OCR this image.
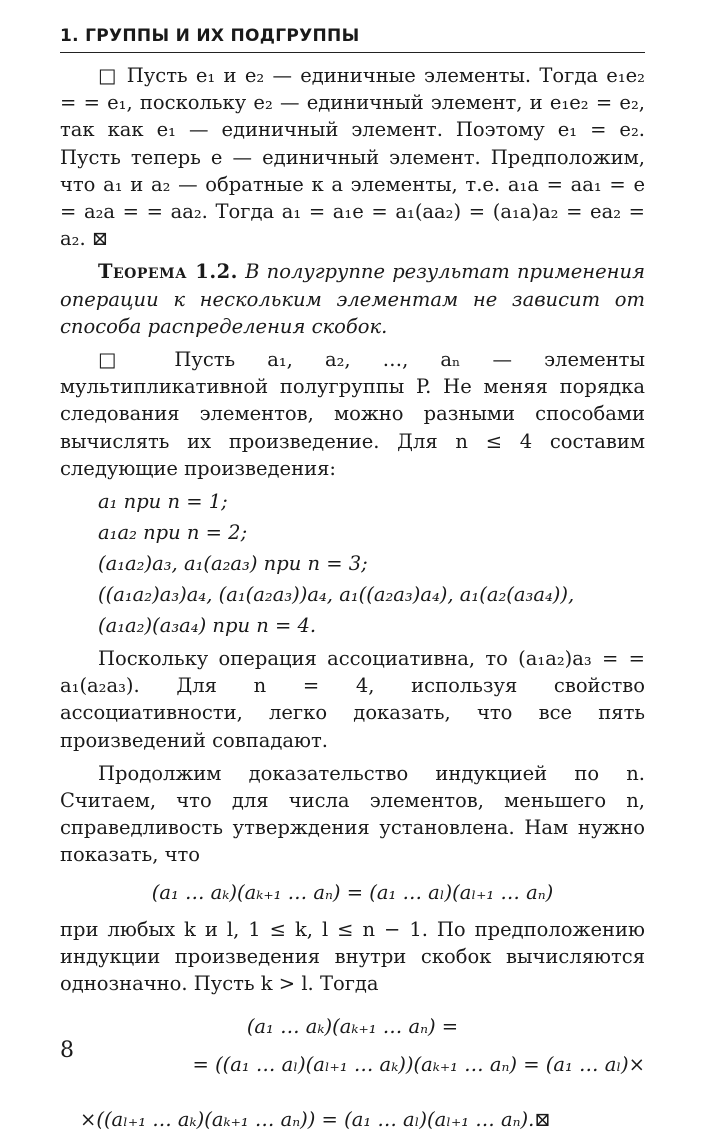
1. ГРУППЫ И ИХ ПОДГРУППЫ

□ Пусть e₁ и e₂ — единичные элементы. Тогда e₁e₂ = = e₁, поскольку e₂ — единичный элемент, и e₁e₂ = e₂, так как e₁ — единичный элемент. Поэтому e₁ = e₂. Пусть теперь e — единичный элемент. Предположим, что a₁ и a₂ — обратные к a элементы, т.е. a₁a = aa₁ = e = a₂a = = aa₂. Тогда a₁ = a₁e = a₁(aa₂) = (a₁a)a₂ = ea₂ = a₂. ⊠

Теорема 1.2. В полугруппе результат применения операции к нескольким элементам не зависит от способа распределения скобок.

□ Пусть a₁, a₂, …, aₙ — элементы мультипликативной полугруппы P. Не меняя порядка следования элементов, можно разными способами вычислять их произведение. Для n ≤ 4 составим следующие произведения:

a₁ при n = 1;
a₁a₂ при n = 2;
(a₁a₂)a₃, a₁(a₂a₃) при n = 3;
((a₁a₂)a₃)a₄, (a₁(a₂a₃))a₄, a₁((a₂a₃)a₄), a₁(a₂(a₃a₄)),
(a₁a₂)(a₃a₄) при n = 4.

Поскольку операция ассоциативна, то (a₁a₂)a₃ = = a₁(a₂a₃). Для n = 4, используя свойство ассоциативности, легко доказать, что все пять произведений совпадают.

Продолжим доказательство индукцией по n. Считаем, что для числа элементов, меньшего n, справедливость утверждения установлена. Нам нужно показать, что

(a₁ … aₖ)(aₖ₊₁ … aₙ) = (a₁ … aₗ)(aₗ₊₁ … aₙ)

при любых k и l, 1 ≤ k, l ≤ n − 1. По предположению индукции произведения внутри скобок вычисляются однозначно. Пусть k > l. Тогда

(a₁ … aₖ)(aₖ₊₁ … aₙ) =
= ((a₁ … aₗ)(aₗ₊₁ … aₖ))(aₖ₊₁ … aₙ) = (a₁ … aₗ)×
×((aₗ₊₁ … aₖ)(aₖ₊₁ … aₙ)) = (a₁ … aₗ)(aₗ₊₁ … aₙ).⊠
8
